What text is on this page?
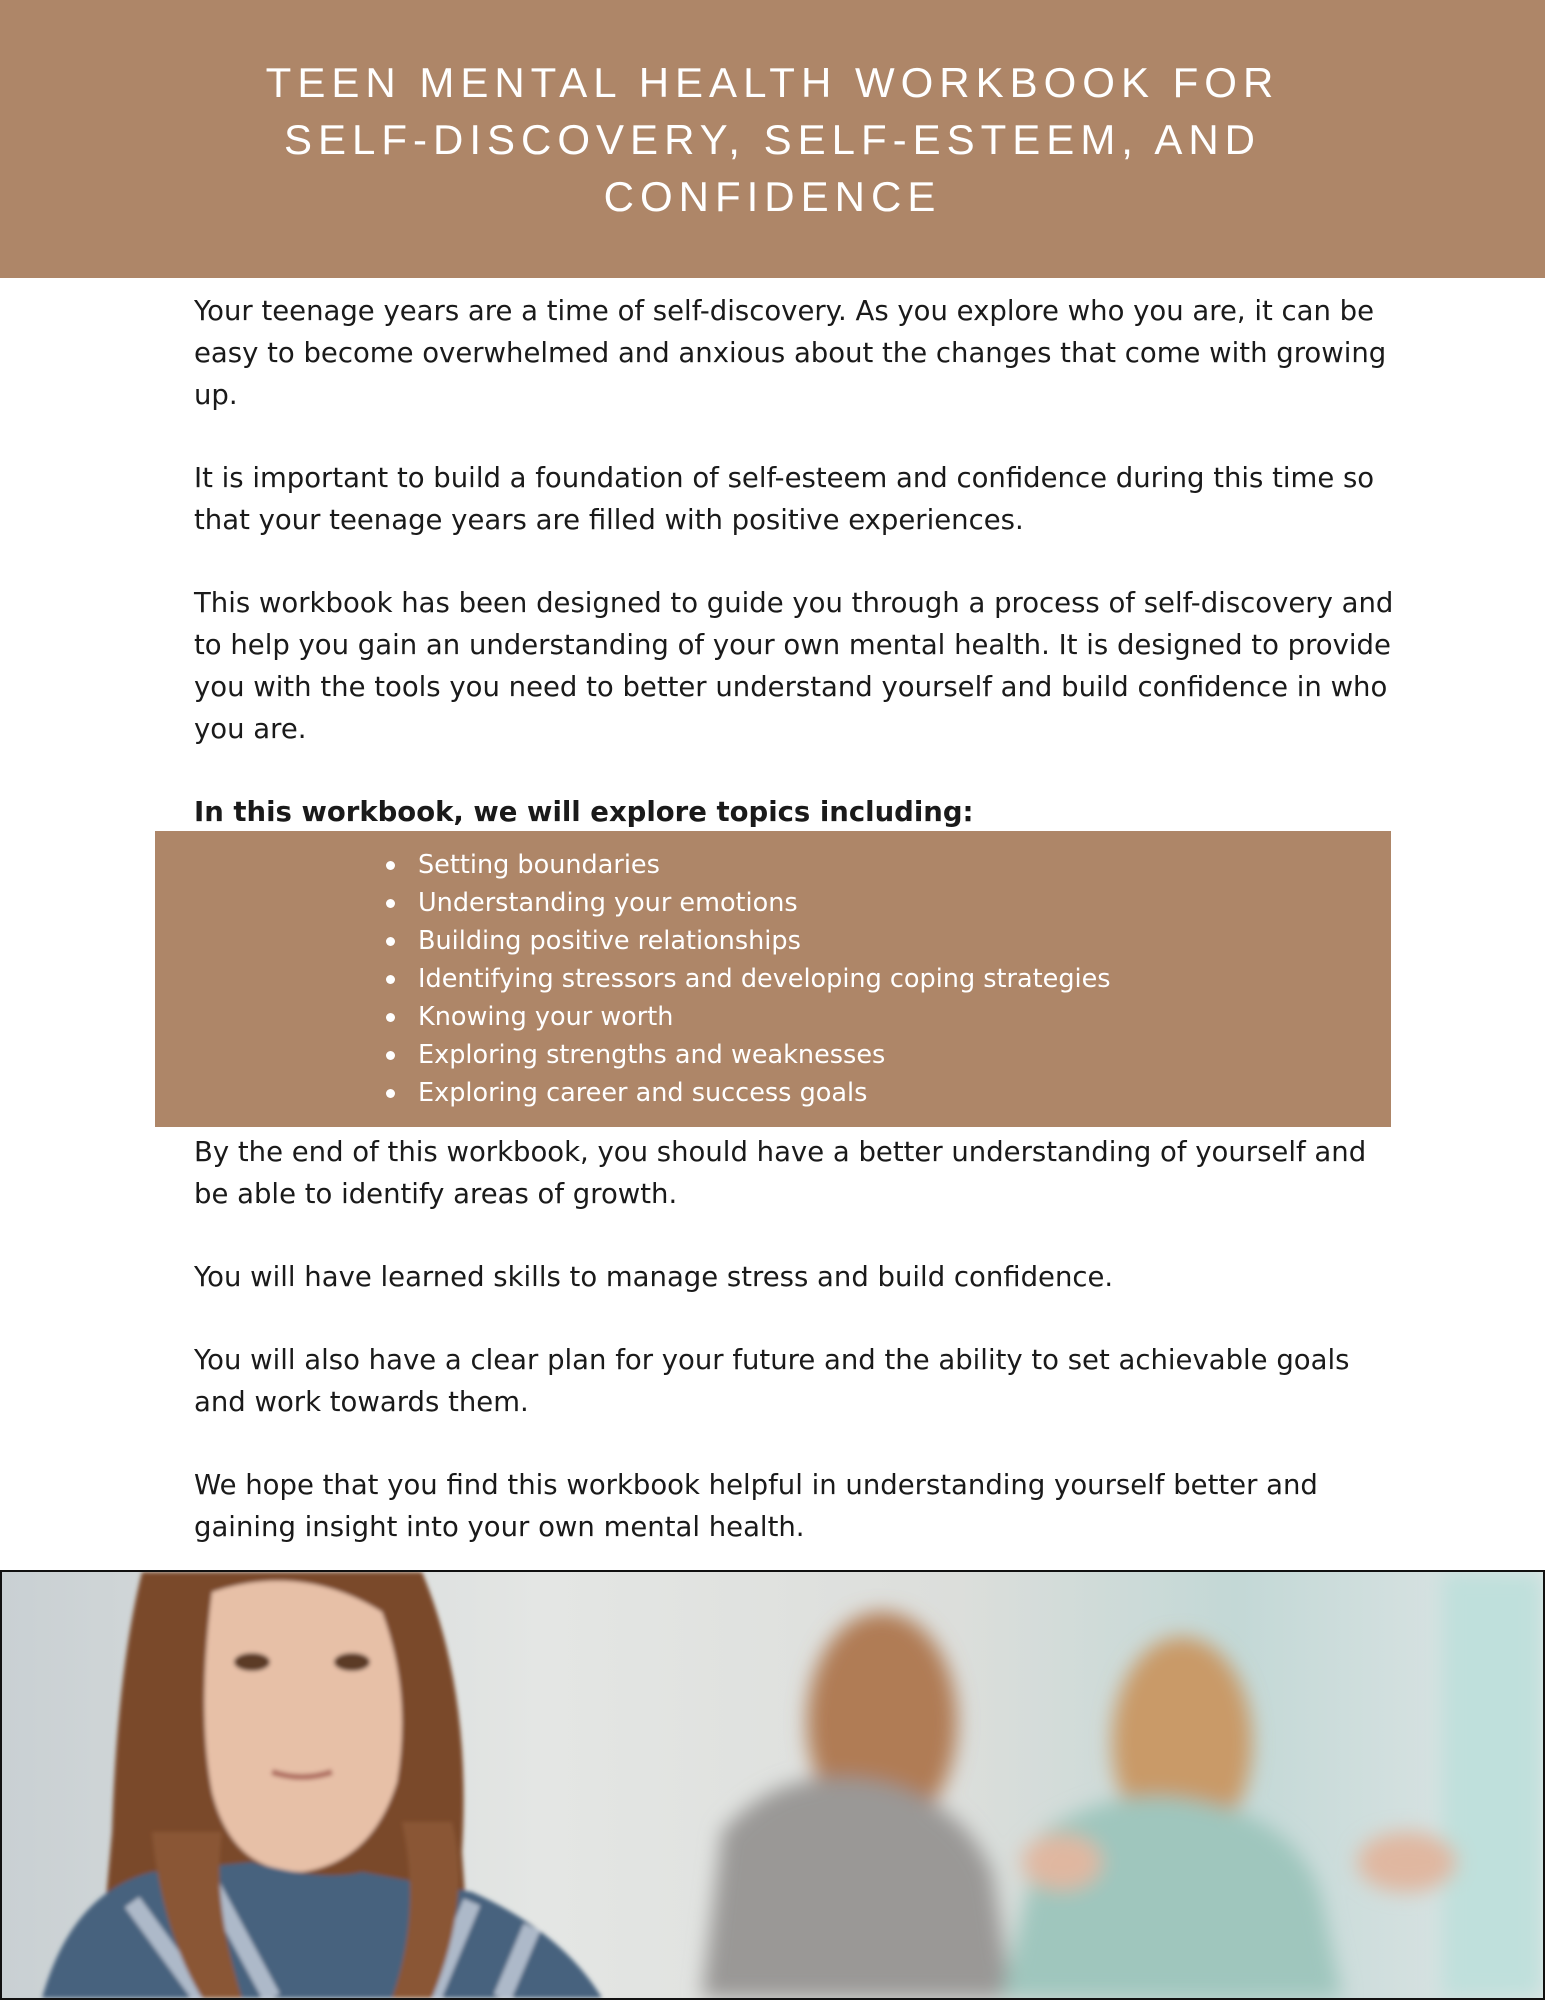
TEEN MENTAL HEALTH WORKBOOK FOR SELF-DISCOVERY, SELF-ESTEEM, AND CONFIDENCE

Your teenage years are a time of self-discovery. As you explore who you are, it can be easy to become overwhelmed and anxious about the changes that come with growing up.

It is important to build a foundation of self-esteem and confidence during this time so that your teenage years are filled with positive experiences.

This workbook has been designed to guide you through a process of self-discovery and to help you gain an understanding of your own mental health. It is designed to provide you with the tools you need to better understand yourself and build confidence in who you are.

In this workbook, we will explore topics including:

Setting boundaries
Understanding your emotions
Building positive relationships
Identifying stressors and developing coping strategies
Knowing your worth
Exploring strengths and weaknesses
Exploring career and success goals

By the end of this workbook, you should have a better understanding of yourself and be able to identify areas of growth.

You will have learned skills to manage stress and build confidence.

You will also have a clear plan for your future and the ability to set achievable goals and work towards them.

We hope that you find this workbook helpful in understanding yourself better and gaining insight into your own mental health.
